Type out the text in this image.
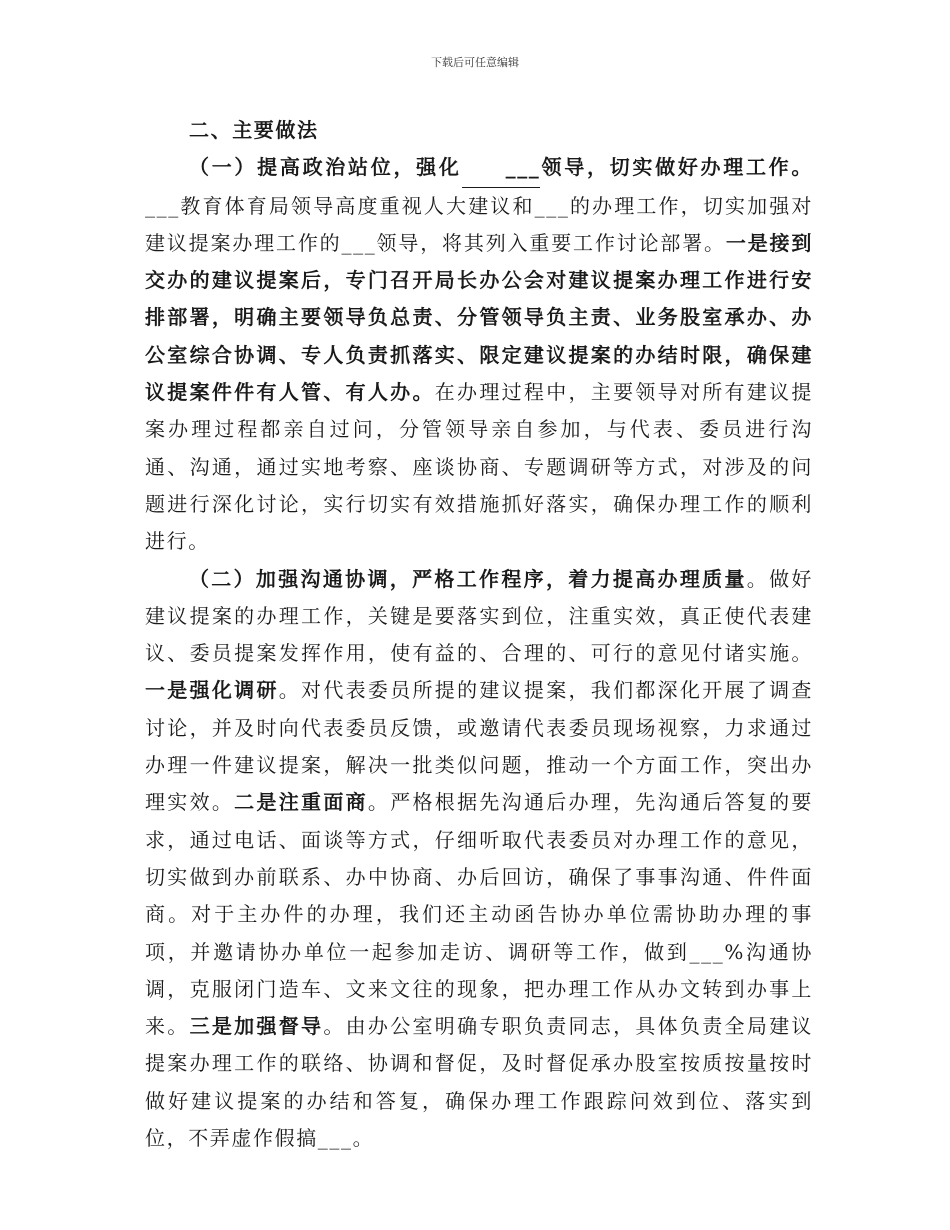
下载后可任意编辑

二、主要做法

（一）提高政治站位，强化 ___领导，切实做好办理工作。___教育体育局领导高度重视人大建议和___的办理工作，切实加强对建议提案办理工作的___领导，将其列入重要工作讨论部署。一是接到交办的建议提案后，专门召开局长办公会对建议提案办理工作进行安排部署，明确主要领导负总责、分管领导负主责、业务股室承办、办公室综合协调、专人负责抓落实、限定建议提案的办结时限，确保建议提案件件有人管、有人办。在办理过程中，主要领导对所有建议提案办理过程都亲自过问，分管领导亲自参加，与代表、委员进行沟通、沟通，通过实地考察、座谈协商、专题调研等方式，对涉及的问题进行深化讨论，实行切实有效措施抓好落实，确保办理工作的顺利进行。

（二）加强沟通协调，严格工作程序，着力提高办理质量。做好建议提案的办理工作，关键是要落实到位，注重实效，真正使代表建议、委员提案发挥作用，使有益的、合理的、可行的意见付诸实施。一是强化调研。对代表委员所提的建议提案，我们都深化开展了调查讨论，并及时向代表委员反馈，或邀请代表委员现场视察，力求通过办理一件建议提案，解决一批类似问题，推动一个方面工作，突出办理实效。二是注重面商。严格根据先沟通后办理，先沟通后答复的要求，通过电话、面谈等方式，仔细听取代表委员对办理工作的意见，切实做到办前联系、办中协商、办后回访，确保了事事沟通、件件面商。对于主办件的办理，我们还主动函告协办单位需协助办理的事项，并邀请协办单位一起参加走访、调研等工作，做到___%沟通协调，克服闭门造车、文来文往的现象，把办理工作从办文转到办事上来。三是加强督导。由办公室明确专职负责同志，具体负责全局建议提案办理工作的联络、协调和督促，及时督促承办股室按质按量按时做好建议提案的办结和答复，确保办理工作跟踪问效到位、落实到位，不弄虚作假搞___。
